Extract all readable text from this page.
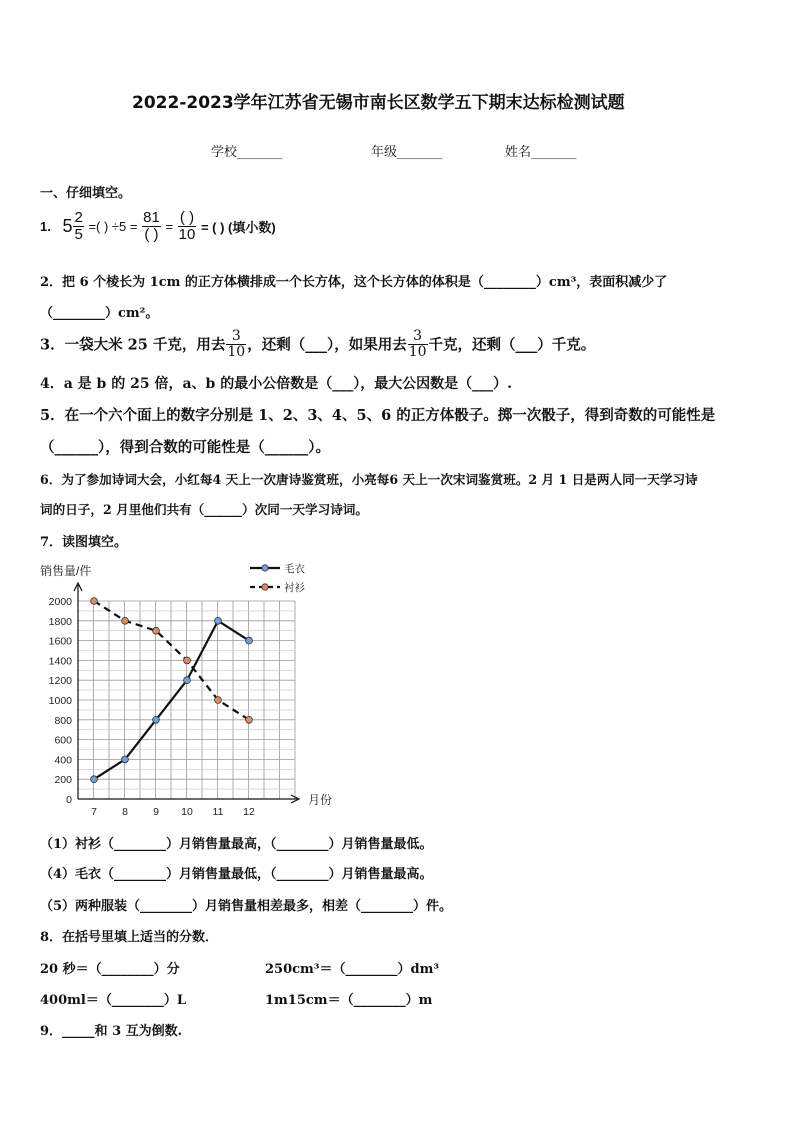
2022-2023学年江苏省无锡市南长区数学五下期末达标检测试题
学校_______	年级_______	姓名_______
一、仔细填空。
1. $5 \frac{2}{5}$ =( ) $\div 5 = \frac{81}{( )} = \frac{( )}{10}$ = ( ) (填小数)
2．把 6 个棱长为 1cm 的正方体横排成一个长方体，这个长方体的体积是（________）cm³，表面积减少了
（________）cm²。
3．一袋大米 25 千克，用去 $\frac{3}{10}$ ，还剩（___），如果用去 $\frac{3}{10}$ 千克，还剩（___）千克。
4．a 是 b 的 25 倍，a、b 的最小公倍数是（___），最大公因数是（___）.
5．在一个六个面上的数字分别是 1、2、3、4、5、6 的正方体骰子。掷一次骰子，得到奇数的可能性是
（______），得到合数的可能性是（______）。
6．为了参加诗词大会，小红每4 天上一次唐诗鉴赏班，小亮每6 天上一次宋词鉴赏班。2 月 1 日是两人同一天学习诗
词的日子，2 月里他们共有（______）次同一天学习诗词。
7．读图填空。
0
200
400
600
800
1000
1200
1400
1600
1800
2000
7 8 9 10 11 12
毛衣
衬衫
销售量/件
月份
（1）衬衫（________）月销售量最高，（________）月销售量最低。
（4）毛衣（________）月销售量最低，（________）月销售量最高。
（5）两种服装（________）月销售量相差最多，相差（________）件。
8．在括号里填上适当的分数．
20 秒＝（________）分	250cm³＝（________）dm³
400ml＝（________）L	1m15cm＝（________）m
9．_____和 3 互为倒数.
